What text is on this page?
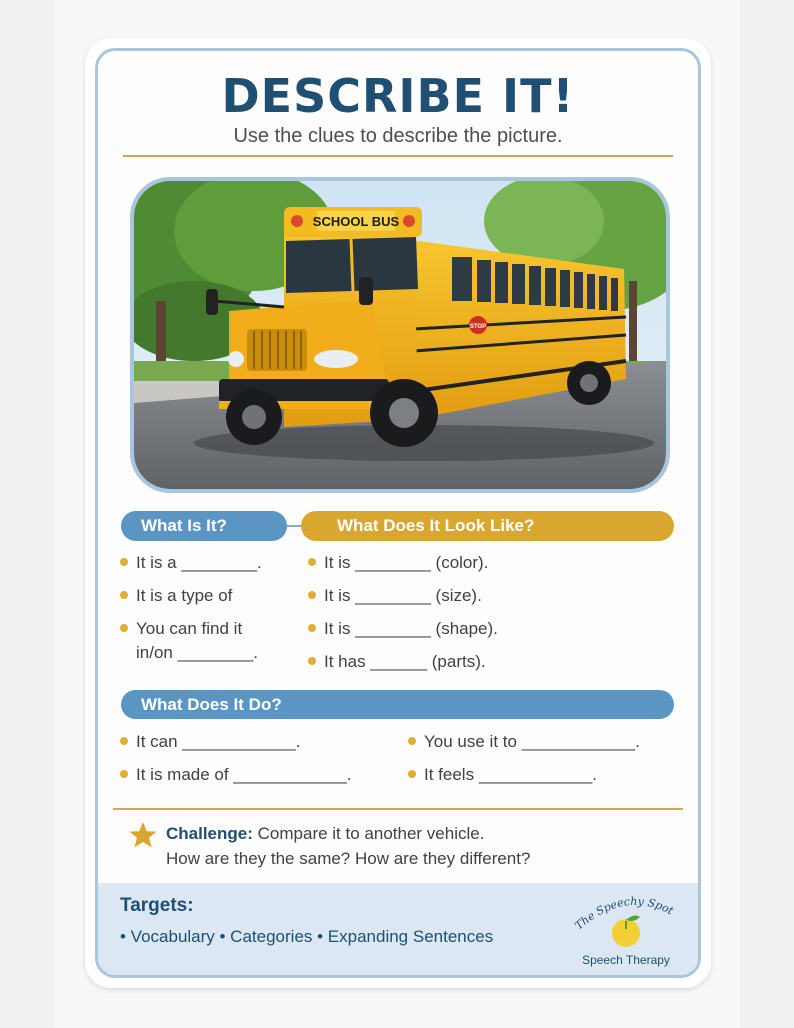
DESCRIBE IT!
Use the clues to describe the picture.
SCHOOL BUS
STOP
What Is It?	What Does It Look Like?
It is a ________.
It is a type of
You can find it
in/on ________.
It is ________ (color).
It is ________ (size).
It is ________ (shape).
It has ______ (parts).
What Does It Do?
It can ____________.
It is made of ____________.
You use it to ____________.
It feels ____________.
Challenge: Compare it to another vehicle.
How are they the same? How are they different?
Targets:
• Vocabulary • Categories • Expanding Sentences
The Speechy Spot
Speech Therapy
